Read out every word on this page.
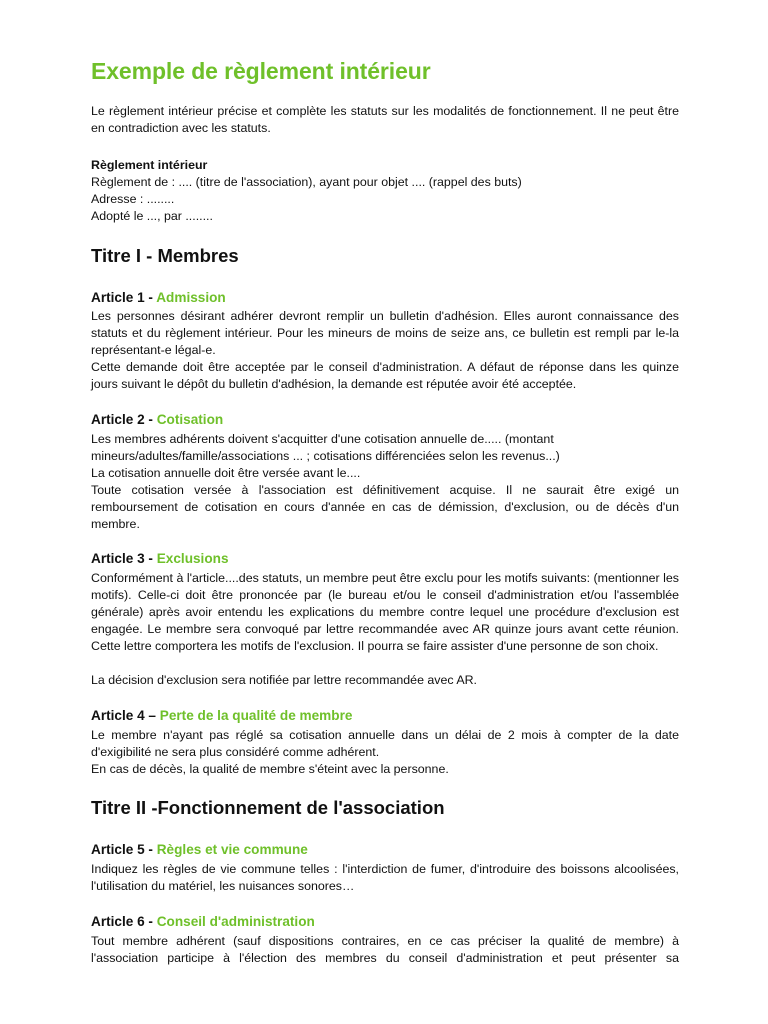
Exemple de règlement intérieur
Le règlement intérieur précise et complète les statuts sur les modalités de fonctionnement. Il ne peut être en contradiction avec les statuts.
Règlement intérieur
Règlement de : .... (titre de l'association), ayant pour objet .... (rappel des buts)
Adresse : ........
Adopté le ..., par ........
Titre I - Membres
Article 1 - Admission
Les personnes désirant adhérer devront remplir un bulletin d'adhésion. Elles auront connaissance des statuts et du règlement intérieur. Pour les mineurs de moins de seize ans, ce bulletin est rempli par le-la représentant-e légal-e.
Cette demande doit être acceptée par le conseil d'administration. A défaut de réponse dans les quinze jours suivant le dépôt du bulletin d'adhésion, la demande est réputée avoir été acceptée.
Article 2 - Cotisation
Les membres adhérents doivent s'acquitter d'une cotisation annuelle de..... (montant
mineurs/adultes/famille/associations ... ; cotisations différenciées selon les revenus...)
La cotisation annuelle doit être versée avant le....
Toute cotisation versée à l'association est définitivement acquise. Il ne saurait être exigé un remboursement de cotisation en cours d'année en cas de démission, d'exclusion, ou de décès d'un membre.
Article 3 - Exclusions
Conformément à l'article....des statuts, un membre peut être exclu pour les motifs suivants: (mentionner les motifs). Celle-ci doit être prononcée par (le bureau et/ou le conseil d'administration et/ou l'assemblée générale) après avoir entendu les explications du membre contre lequel une procédure d'exclusion est engagée. Le membre sera convoqué par lettre recommandée avec AR quinze jours avant cette réunion. Cette lettre comportera les motifs de l'exclusion. Il pourra se faire assister d'une personne de son choix.
La décision d'exclusion sera notifiée par lettre recommandée avec AR.
Article 4 – Perte de la qualité de membre
Le membre n'ayant pas réglé sa cotisation annuelle dans un délai de 2 mois à compter de la date d'exigibilité ne sera plus considéré comme adhérent.
En cas de décès, la qualité de membre s'éteint avec la personne.
Titre II -Fonctionnement de l'association
Article 5 - Règles et vie commune
Indiquez les règles de vie commune telles : l'interdiction de fumer, d'introduire des boissons alcoolisées, l'utilisation du matériel, les nuisances sonores…
Article 6 - Conseil d'administration
Tout membre adhérent (sauf dispositions contraires, en ce cas préciser la qualité de membre) à l'association participe à l'élection des membres du conseil d'administration et peut présenter sa
